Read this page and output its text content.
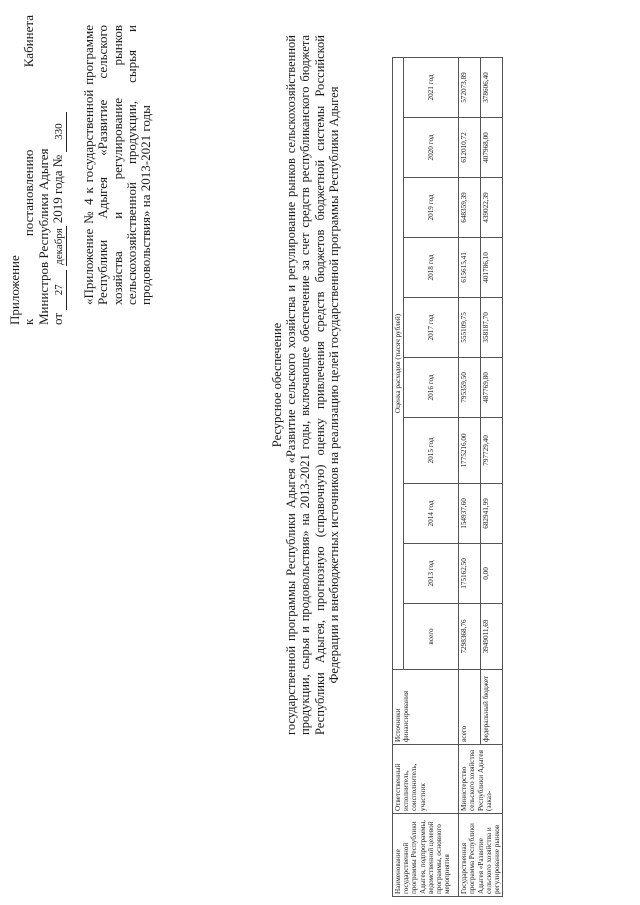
Приложение к
постановлению
Кабинета
Министров Республики Адыгея от 27 декабря 2019 года № 330 «Приложение № 4 к государственной программе Республики Адыгея «Развитие сельского хозяйства и регулирование рынков сельскохозяйственной продукции, сырья и продовольствия» на 2013-2021 годы
Ресурсное обеспечение государственной программы Республики Адыгея «Развитие сельского хозяйства и регулирование рынков сельскохозяйственной продукции, сырья и продовольствия» на 2013-2021 годы, включающее обеспечение за счет средств республиканского бюджета Республики Адыгея, прогнозную (справочную) оценку привлечения средств бюджетов бюджетной системы Российской Федерации и внебюджетных источников на реализацию целей государственной программы Республики Адыгея
Наименование государственной программы Республики Адыгея, подпрограммы, ведомственной целевой программы, основного мероприятия	Ответственный исполнитель, соисполнитель, участник	Источники финансирования	Оценка расходов (тысяч рублей)									
			всего	2013 год	2014 год	2015 год	2016 год	2017 год	2018 год	2019 год	2020 год	2021 год
Государственная программа Республики Адыгея «Развитие сельского хозяйства и регулирование рынков	Министерство сельского хозяйства Республики Адыгея (заказ-	всего	7298368,76	175162,50	154937,60	1775216,00	795359,50	555109,75	615615,41	648359,39	612010,72	572073,89
		федеральный бюджет	3949011,69	0,00	682941,99	797729,40	487769,80	358187,70	401786,10	439022,39	407968,00	378606,40
